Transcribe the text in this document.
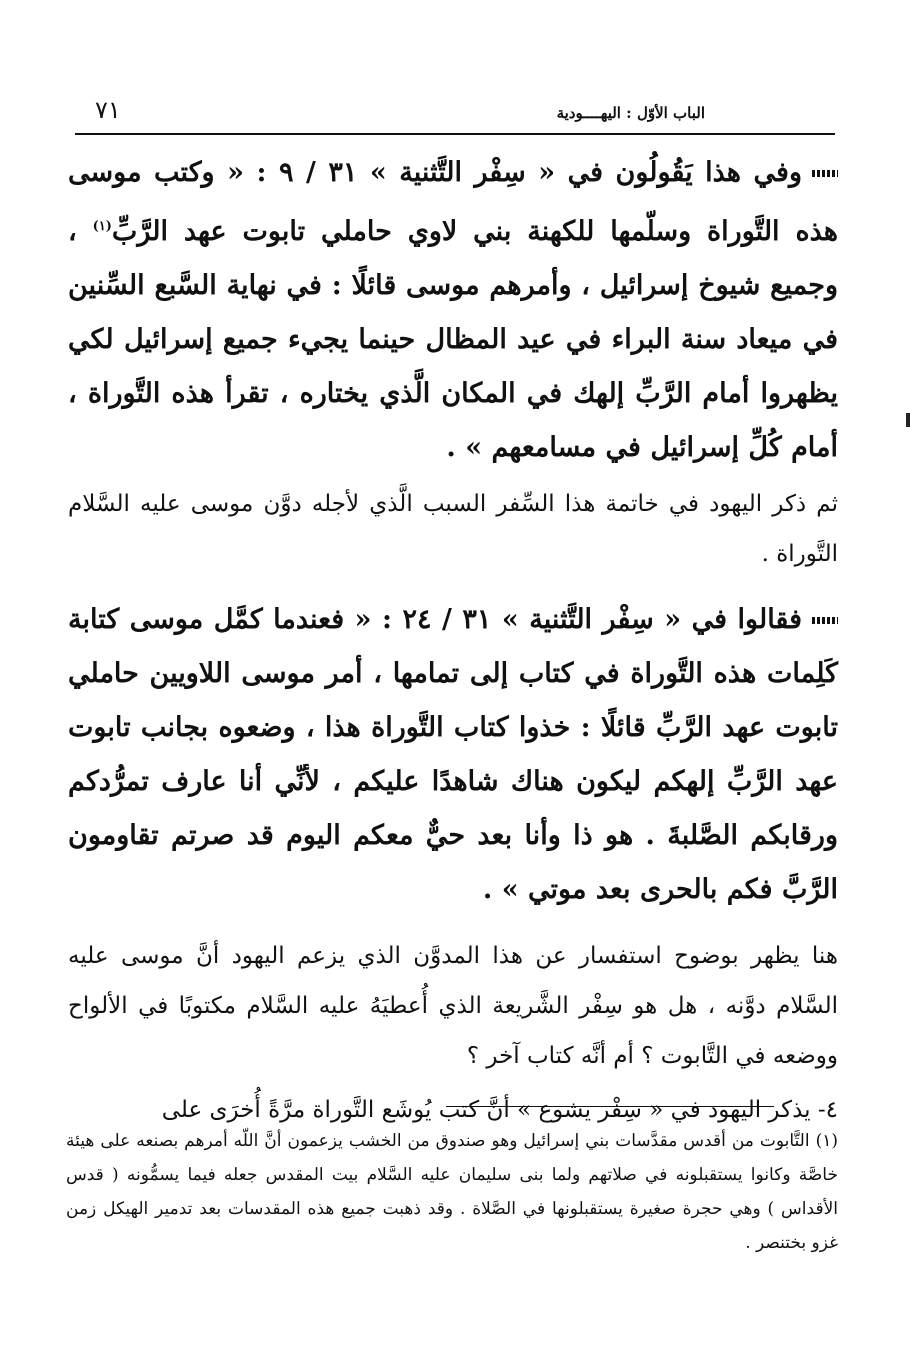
٧١	الباب الأوّل : اليهــــودية

وفي هذا يَقُولُون في « سِفْر التَّثنية » ٣١ / ٩ : « وكتب موسى هذه التَّوراة وسلّمها للكهنة بني لاوي حاملي تابوت عهد الرَّبِّ$^{(١)}$ ، وجميع شيوخ إسرائيل ، وأمرهم موسى قائلًا : في نهاية السَّبع السِّنين في ميعاد سنة البراء في عيد المظال حينما يجيء جميع إسرائيل لكي يظهروا أمام الرَّبِّ إلهك في المكان الَّذي يختاره ، تقرأ هذه التَّوراة ، أمام كُلِّ إسرائيل في مسامعهم » .

ثم ذكر اليهود في خاتمة هذا السِّفر السبب الَّذي لأجله دوَّن موسى عليه السَّلام التَّوراة .

فقالوا في « سِفْر التَّثنية » ٣١ / ٢٤ : « فعندما كمَّل موسى كتابة كَلِمات هذه التَّوراة في كتاب إلى تمامها ، أمر موسى اللاويين حاملي تابوت عهد الرَّبِّ قائلًا : خذوا كتاب التَّوراة هذا ، وضعوه بجانب تابوت عهد الرَّبِّ إلهكم ليكون هناك شاهدًا عليكم ، لأنِّي أنا عارف تمرُّدكم ورقابكم الصَّلبةَ . هو ذا وأنا بعد حيٌّ معكم اليوم قد صرتم تقاومون الرَّبَّ فكم بالحرى بعد موتي » .

هنا يظهر بوضوح استفسار عن هذا المدوَّن الذي يزعم اليهود أنَّ موسى عليه السَّلام دوَّنه ، هل هو سِفْر الشَّريعة الذي أُعطيَهُ عليه السَّلام مكتوبًا في الألواح ووضعه في التَّابوت ؟ أم أنَّه كتاب آخر ؟

٤- يذكر اليهود في « سِفْر يشوع » أنَّ كتب يُوشَع التَّوراة مرَّةً أُخرَى على

(١) التَّابوت من أقدس مقدَّسات بني إسرائيل وهو صندوق من الخشب يزعمون أنَّ اللّه أمرهم بصنعه على هيئة خاصَّة وكانوا يستقبلونه في صلاتهم ولما بنى سليمان عليه السَّلام بيت المقدس جعله فيما يسمُّونه ( قدس الأقداس ) وهي حجرة صغيرة يستقبلونها في الصَّلاة . وقد ذهبت جميع هذه المقدسات بعد تدمير الهيكل زمن غزو بختنصر .
